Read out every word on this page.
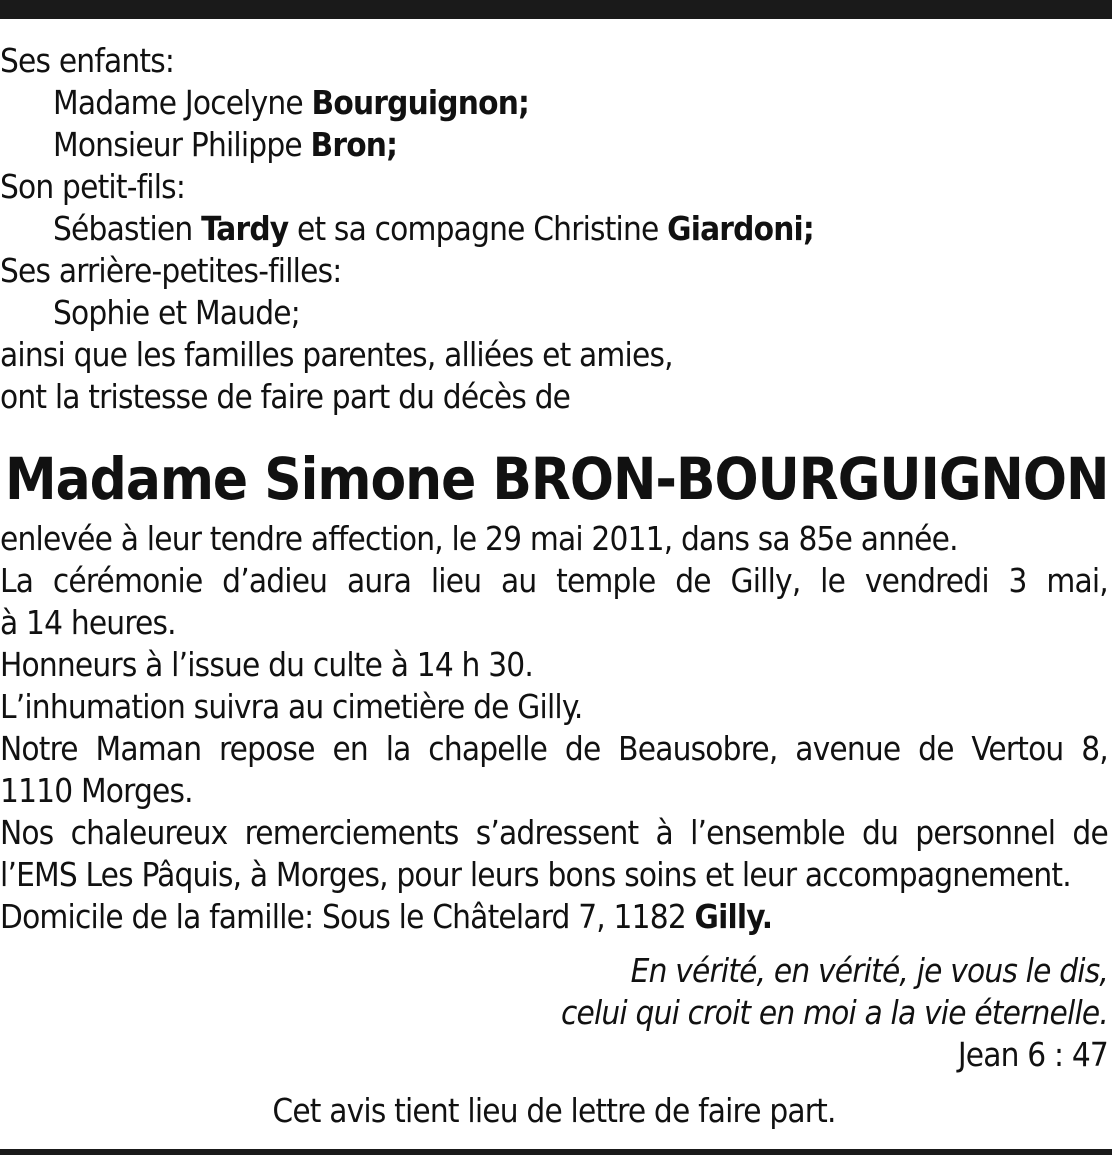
Ses enfants:
Madame Jocelyne Bourguignon;
Monsieur Philippe Bron;
Son petit-fils:
Sébastien Tardy et sa compagne Christine Giardoni;
Ses arrière-petites-filles:
Sophie et Maude;
ainsi que les familles parentes, alliées et amies,
ont la tristesse de faire part du décès de
Madame Simone BRON-BOURGUIGNON
enlevée à leur tendre affection, le 29 mai 2011, dans sa 85e année.
La cérémonie d’adieu aura lieu au temple de Gilly, le vendredi 3 mai,
à 14 heures.
Honneurs à l’issue du culte à 14 h 30.
L’inhumation suivra au cimetière de Gilly.
Notre Maman repose en la chapelle de Beausobre, avenue de Vertou 8,
1110 Morges.
Nos chaleureux remerciements s’adressent à l’ensemble du personnel de
l’EMS Les Pâquis, à Morges, pour leurs bons soins et leur accompagnement.
Domicile de la famille: Sous le Châtelard 7, 1182 Gilly.
En vérité, en vérité, je vous le dis,
celui qui croit en moi a la vie éternelle.
Jean 6 : 47
Cet avis tient lieu de lettre de faire part.
